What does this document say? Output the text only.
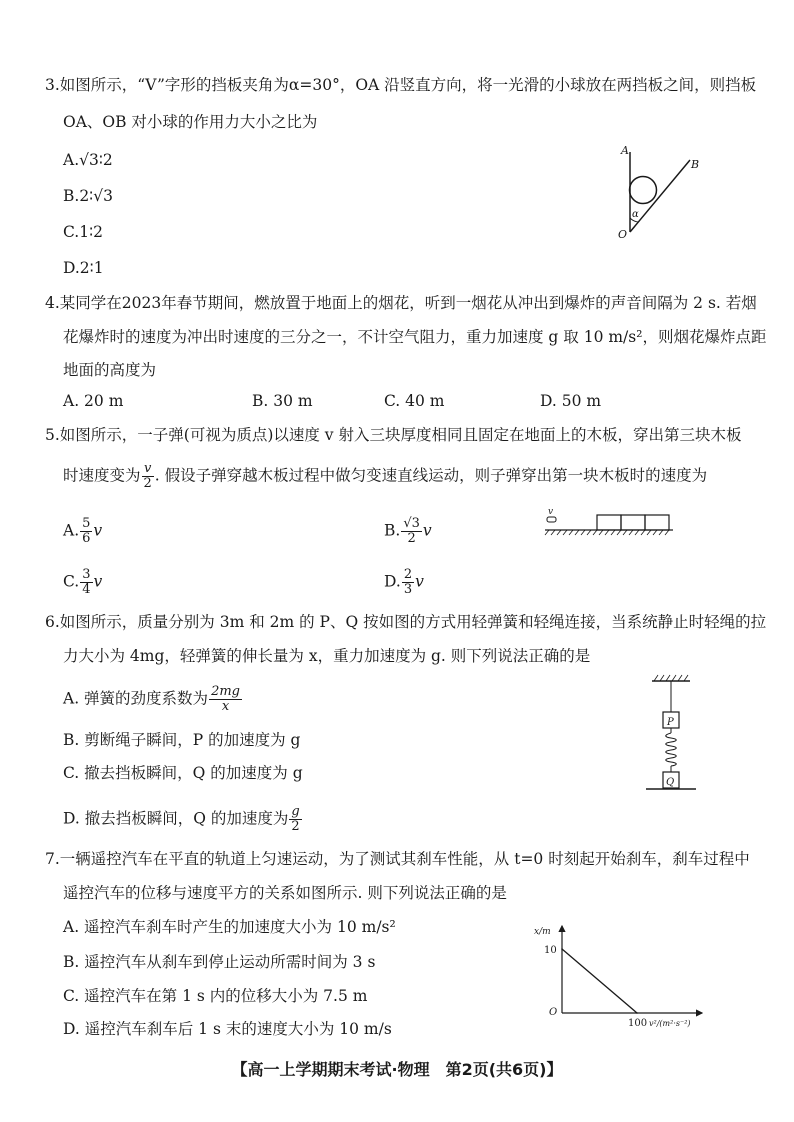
3.如图所示，“V”字形的挡板夹角为α=30°，OA 沿竖直方向，将一光滑的小球放在两挡板之间，则挡板
OA、OB 对小球的作用力大小之比为
A.√3∶2
B.2∶√3
C.1∶2
D.2∶1
A
B
O
α
4.某同学在2023年春节期间，燃放置于地面上的烟花，听到一烟花从冲出到爆炸的声音间隔为 2 s. 若烟
花爆炸时的速度为冲出时速度的三分之一，不计空气阻力，重力加速度 g 取 10 m/s²，则烟花爆炸点距
地面的高度为
A. 20 m	B. 30 m	C. 40 m	D. 50 m
5.如图所示，一子弹(可视为质点)以速度 v 射入三块厚度相同且固定在地面上的木板，穿出第三块木板
时速度变为 $\frac{v}{2}$ . 假设子弹穿越木板过程中做匀变速直线运动，则子弹穿出第一块木板时的速度为
A. $\frac{5}{6}$ v	B. $\frac{√3}{2}$ v
C. $\frac{3}{4}$ v	D. $\frac{2}{3}$ v
v
6.如图所示，质量分别为 3m 和 2m 的 P、Q 按如图的方式用轻弹簧和轻绳连接，当系统静止时轻绳的拉
力大小为 4mg，轻弹簧的伸长量为 x，重力加速度为 g. 则下列说法正确的是
A. 弹簧的劲度系数为 $\frac{2mg}{x}$
B. 剪断绳子瞬间，P 的加速度为 g
C. 撤去挡板瞬间，Q 的加速度为 g
D. 撤去挡板瞬间，Q 的加速度为 $\frac{g}{2}$
P
Q
7.一辆遥控汽车在平直的轨道上匀速运动，为了测试其刹车性能，从 t=0 时刻起开始刹车，刹车过程中
遥控汽车的位移与速度平方的关系如图所示. 则下列说法正确的是
A. 遥控汽车刹车时产生的加速度大小为 10 m/s²
B. 遥控汽车从刹车到停止运动所需时间为 3 s
C. 遥控汽车在第 1 s 内的位移大小为 7.5 m
D. 遥控汽车刹车后 1 s 末的速度大小为 10 m/s
x/m
O
100 v²/(m²·s⁻²)
10
【高一上学期期末考试·物理　第2页(共6页)】
